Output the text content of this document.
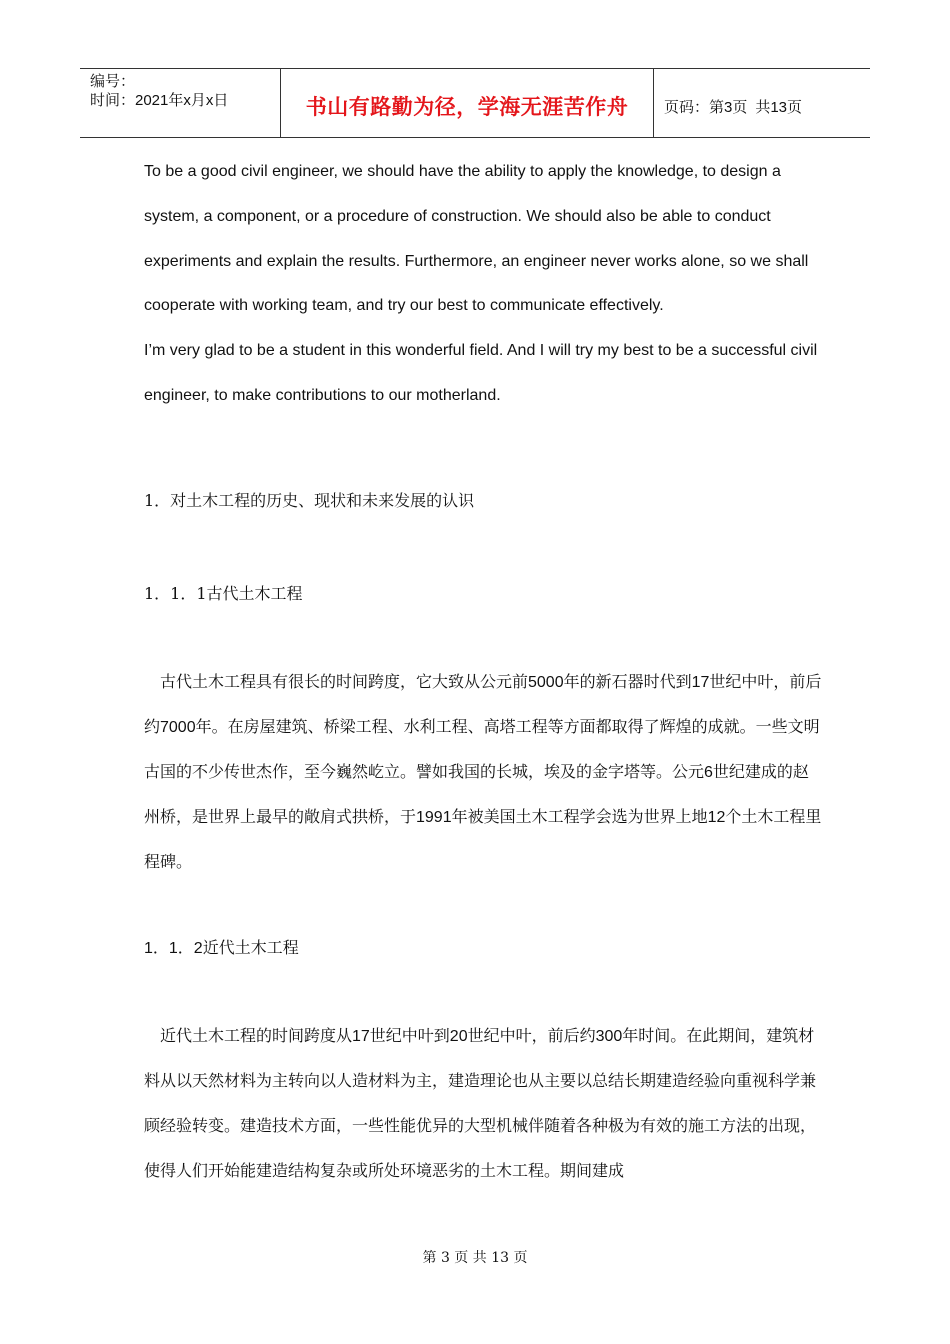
编号：
时间：2021年x月x日	书山有路勤为径，学海无涯苦作舟 页码：第3页 共13页

To be a good civil engineer, we should have the ability to apply the knowledge, to design a system, a component, or a procedure of construction. We should also be able to conduct experiments and explain the results. Furthermore, an engineer never works alone, so we shall cooperate with working team, and try our best to communicate effectively.

I’m very glad to be a student in this wonderful field. And I will try my best to be a successful civil engineer, to make contributions to our motherland.

1．对土木工程的历史、现状和未来发展的认识

1．1．1古代土木工程

古代土木工程具有很长的时间跨度，它大致从公元前5000年的新石器时代到17世纪中叶，前后约7000年。在房屋建筑、桥梁工程、水利工程、高塔工程等方面都取得了辉煌的成就。一些文明古国的不少传世杰作，至今巍然屹立。譬如我国的长城，埃及的金字塔等。公元6世纪建成的赵州桥，是世界上最早的敞肩式拱桥，于1991年被美国土木工程学会选为世界上地12个土木工程里程碑。

1．1．2近代土木工程

近代土木工程的时间跨度从17世纪中叶到20世纪中叶，前后约300年时间。在此期间，建筑材料从以天然材料为主转向以人造材料为主，建造理论也从主要以总结长期建造经验向重视科学兼顾经验转变。建造技术方面，一些性能优异的大型机械伴随着各种极为有效的施工方法的出现，使得人们开始能建造结构复杂或所处环境恶劣的土木工程。期间建成

第 3 页 共 13 页
